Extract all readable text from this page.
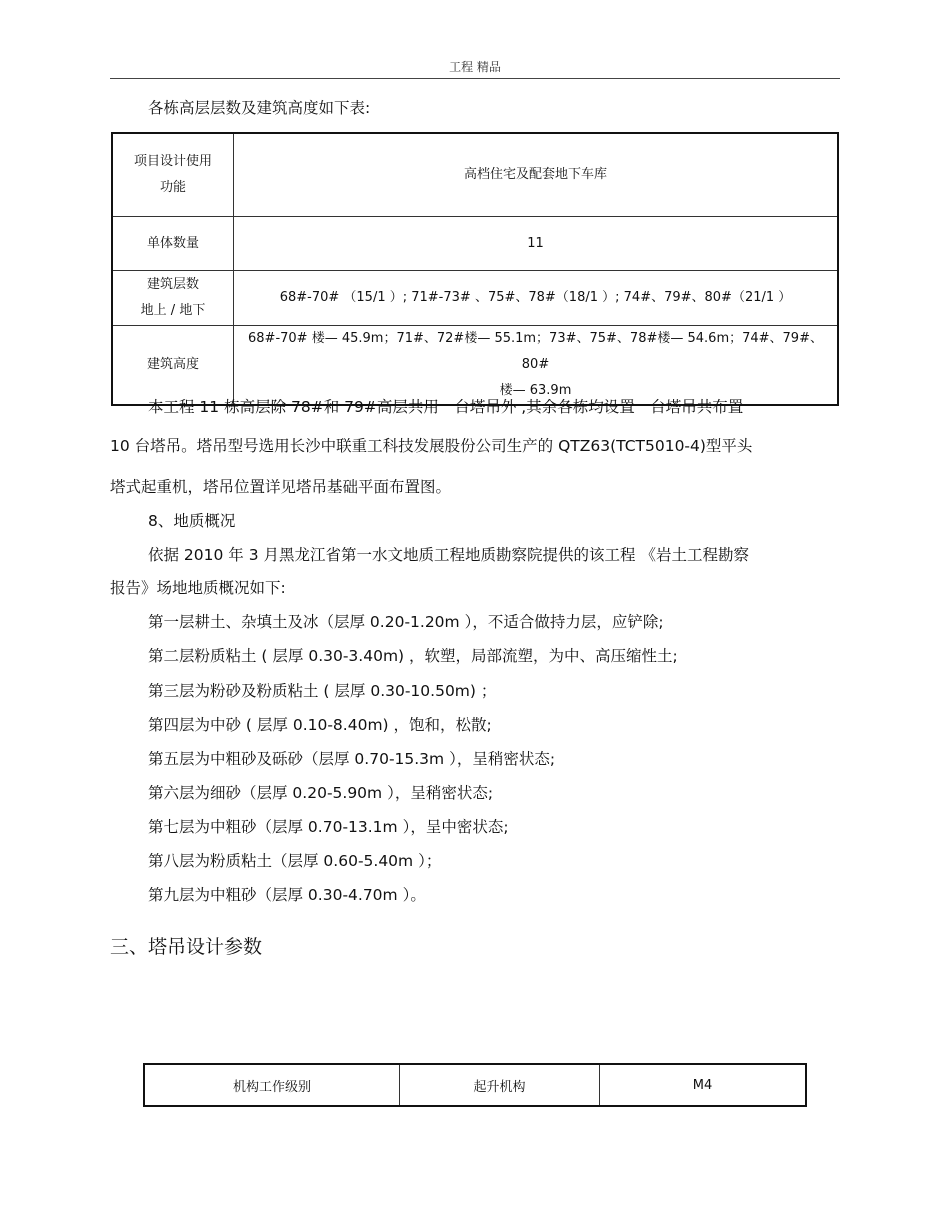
工程 精品
各栋高层层数及建筑高度如下表:
项目设计使用
功能	高档住宅及配套地下车库

单体数量	11

建筑层数
地上 / 地下	68#-70# （15/1 ）; 71#-73# 、75#、78#（18/1 ）; 74#、79#、80#（21/1 ）

建筑高度	68#-70# 楼— 45.9m；71#、72#楼— 55.1m；73#、75#、78#楼— 54.6m；74#、79#、80#
楼— 63.9m
本工程 11 栋高层除 78#和 79#高层共用一台塔吊外 ,其余各栋均设置一台塔吊共布置
10 台塔吊。塔吊型号选用长沙中联重工科技发展股份公司生产的 QTZ63(TCT5010-4)型平头
塔式起重机，塔吊位置详见塔吊基础平面布置图。
8、地质概况
依据 2010 年 3 月黑龙江省第一水文地质工程地质勘察院提供的该工程 《岩土工程勘察
报告》场地地质概况如下:
第一层耕土、杂填土及冰（层厚 0.20-1.20m ），不适合做持力层，应铲除;
第二层粉质粘土 ( 层厚 0.30-3.40m) ，软塑，局部流塑，为中、高压缩性土;
第三层为粉砂及粉质粘土 ( 层厚 0.30-10.50m) ；
第四层为中砂 ( 层厚 0.10-8.40m) ，饱和，松散;
第五层为中粗砂及砾砂（层厚 0.70-15.3m ），呈稍密状态;
第六层为细砂（层厚 0.20-5.90m ），呈稍密状态;
第七层为中粗砂（层厚 0.70-13.1m ），呈中密状态;
第八层为粉质粘土（层厚 0.60-5.40m ）；
第九层为中粗砂（层厚 0.30-4.70m ）。
三、塔吊设计参数
机构工作级别	起升机构	M4
